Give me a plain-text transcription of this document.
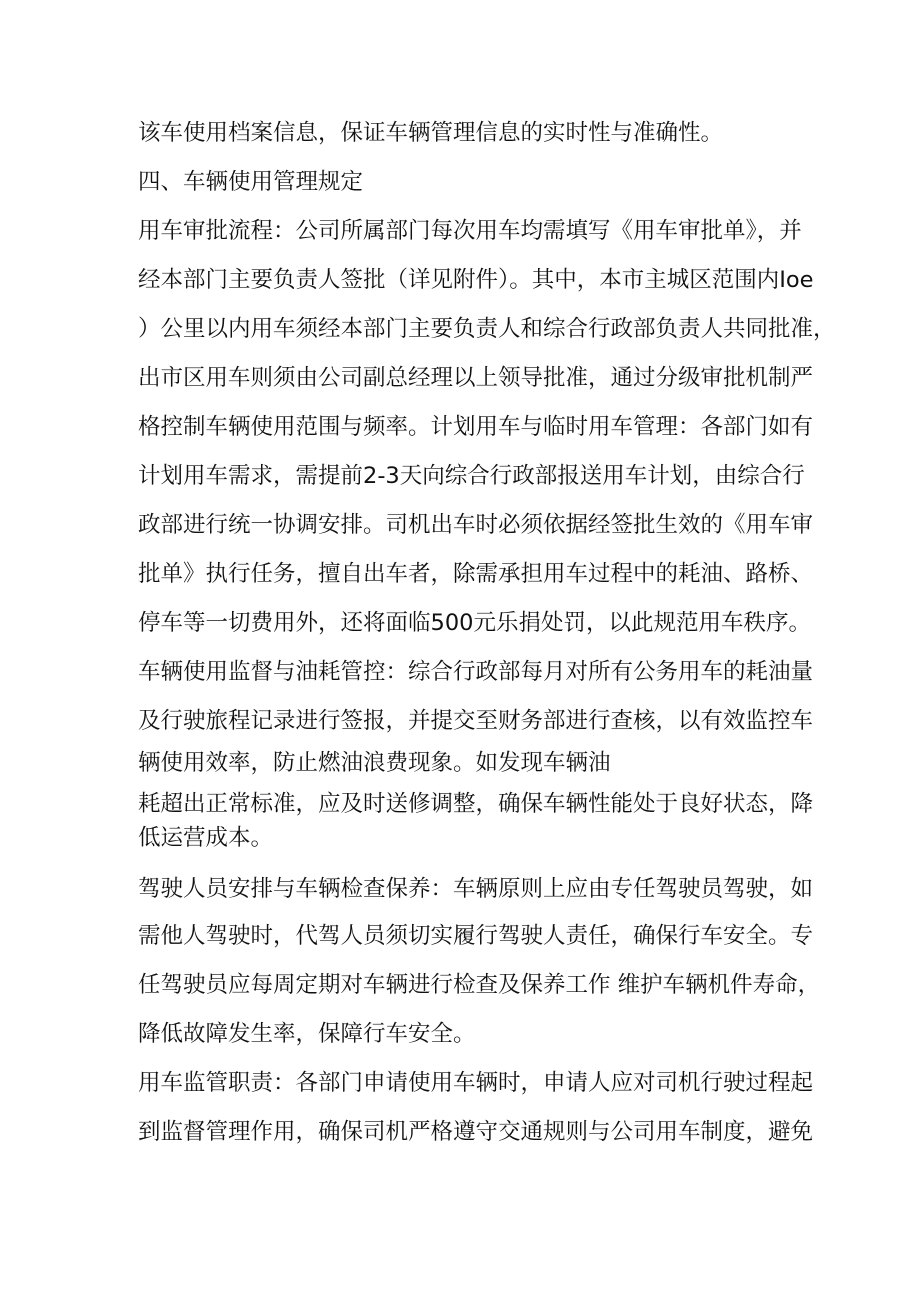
该车使用档案信息，保证车辆管理信息的实时性与准确性。
四、车辆使用管理规定
用车审批流程：公司所属部门每次用车均需填写《用车审批单》，并
经本部门主要负责人签批（详见附件）。其中，本市主城区范围内Ioe
）公里以内用车须经本部门主要负责人和综合行政部负责人共同批准，
出市区用车则须由公司副总经理以上领导批准，通过分级审批机制严
格控制车辆使用范围与频率。计划用车与临时用车管理：各部门如有
计划用车需求，需提前2-3天向综合行政部报送用车计划，由综合行
政部进行统一协调安排。司机出车时必须依据经签批生效的《用车审
批单》执行任务，擅自出车者，除需承担用车过程中的耗油、路桥、
停车等一切费用外，还将面临500元乐捐处罚，以此规范用车秩序。
车辆使用监督与油耗管控：综合行政部每月对所有公务用车的耗油量
及行驶旅程记录进行签报，并提交至财务部进行查核，以有效监控车
辆使用效率，防止燃油浪费现象。如发现车辆油
耗超出正常标准，应及时送修调整，确保车辆性能处于良好状态，降
低运营成本。
驾驶人员安排与车辆检查保养：车辆原则上应由专任驾驶员驾驶，如
需他人驾驶时，代驾人员须切实履行驾驶人责任，确保行车安全。专
任驾驶员应每周定期对车辆进行检查及保养工作 维护车辆机件寿命，
降低故障发生率，保障行车安全。
用车监管职责：各部门申请使用车辆时，申请人应对司机行驶过程起
到监督管理作用，确保司机严格遵守交通规则与公司用车制度，避免
